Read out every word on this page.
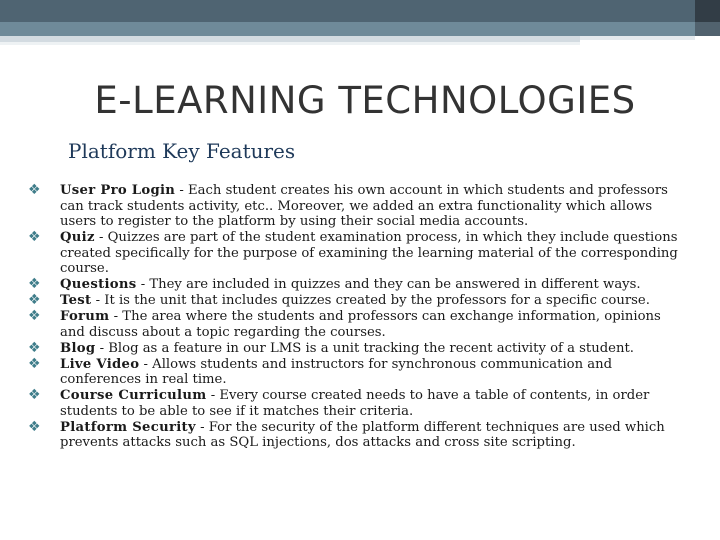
E-LEARNING TECHNOLOGIES
Platform Key Features
❖ User Pro Login - Each student creates his own account in which students and professors can track students activity, etc.. Moreover, we added an extra functionality which allows users to register to the platform by using their social media accounts.
❖ Quiz - Quizzes are part of the student examination process, in which they include questions created specifically for the purpose of examining the learning material of the corresponding course.
❖ Questions - They are included in quizzes and they can be answered in different ways.
❖ Test - It is the unit that includes quizzes created by the professors for a specific course.
❖ Forum - The area where the students and professors can exchange information, opinions and discuss about a topic regarding the courses.
❖ Blog - Blog as a feature in our LMS is a unit tracking the recent activity of a student.
❖ Live Video - Allows students and instructors for synchronous communication and conferences in real time.
❖ Course Curriculum - Every course created needs to have a table of contents, in order students to be able to see if it matches their criteria.
❖ Platform Security - For the security of the platform different techniques are used which prevents attacks such as SQL injections, dos attacks and cross site scripting.
